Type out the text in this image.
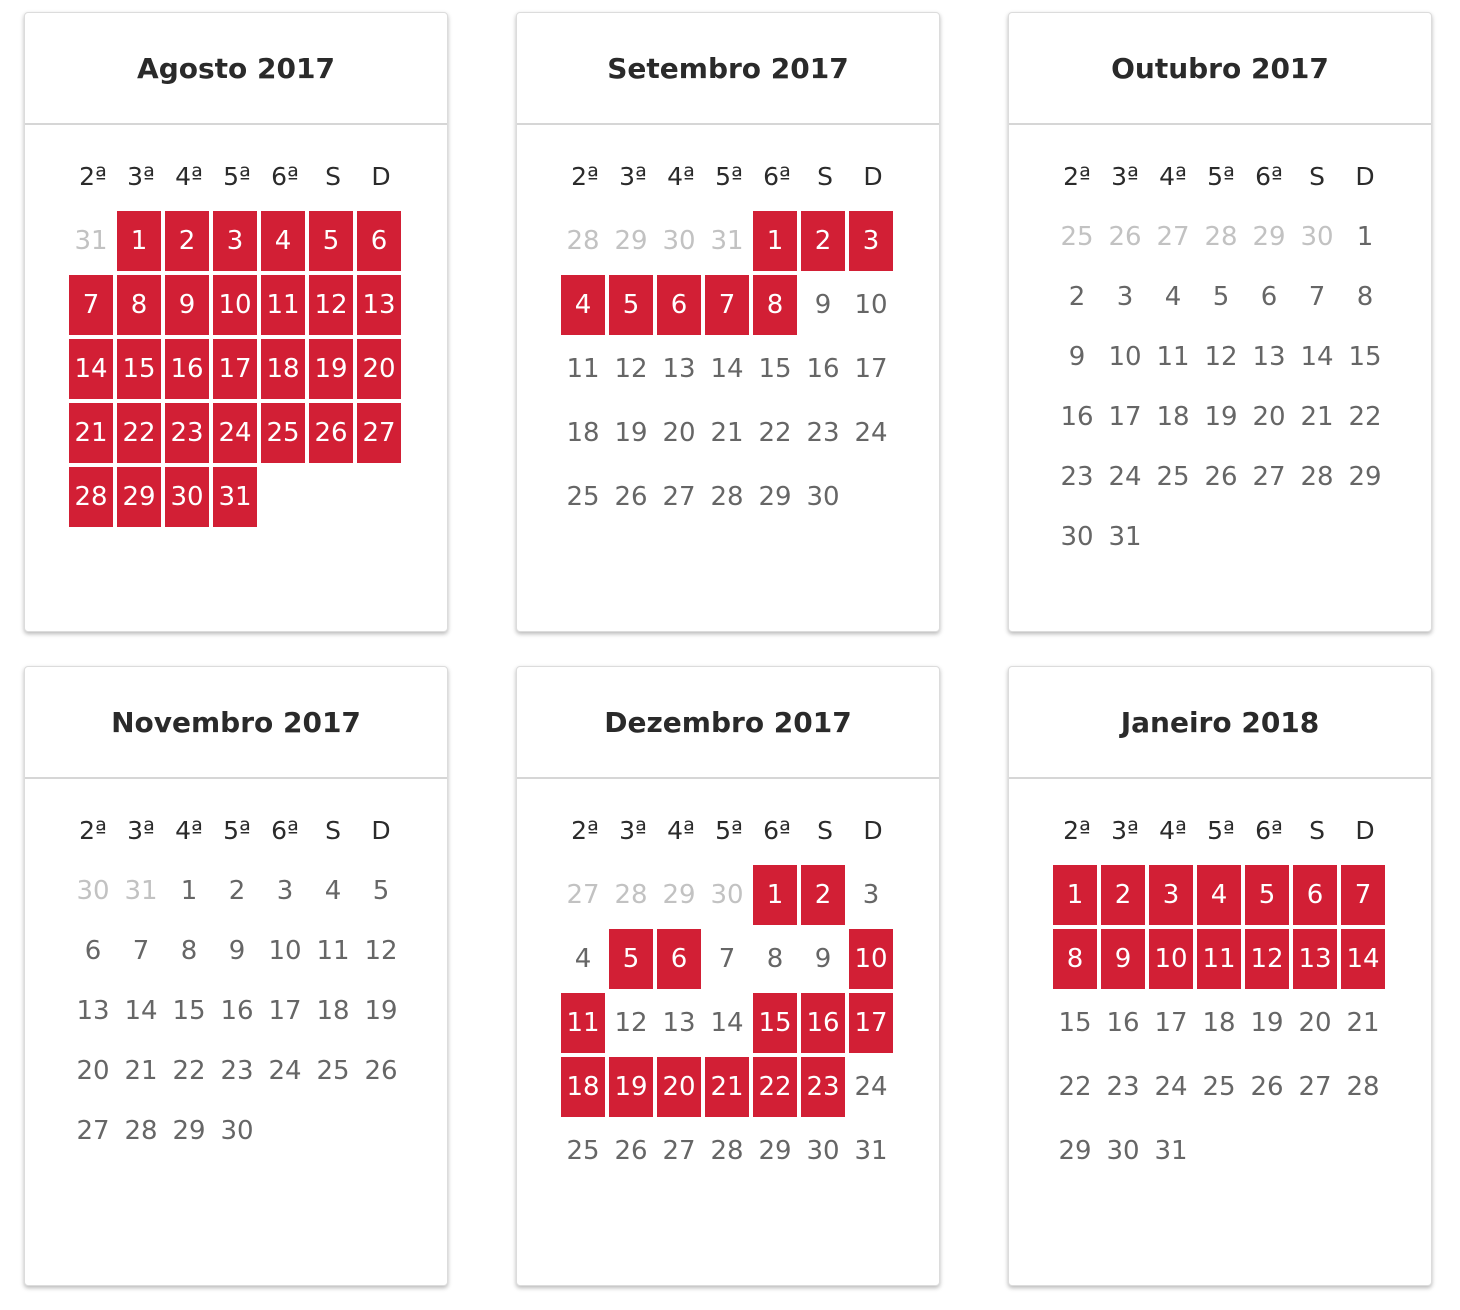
Agosto 2017
2ª 3ª 4ª 5ª 6ª	S	D
31 1	2	3	4	5	6
7	8	9 10 11 12 13
14 15 16 17 18 19 20
21 22 23 24 25 26 27
28 29 30 31
Setembro 2017
2ª 3ª 4ª 5ª 6ª	S	D
28 29 30 31 1	2	3
4	5	6	7	8	9 10
11 12 13 14 15 16 17
18 19 20 21 22 23 24
25 26 27 28 29 30
Outubro 2017
2ª 3ª 4ª 5ª 6ª	S	D
25 26 27 28 29 30 1
2	3	4	5	6	7	8
9 10 11 12 13 14 15
16 17 18 19 20 21 22
23 24 25 26 27 28 29
30 31
Novembro 2017
2ª 3ª 4ª 5ª 6ª	S	D
30 31 1	2	3	4	5
6	7	8	9 10 11 12
13 14 15 16 17 18 19
20 21 22 23 24 25 26
27 28 29 30
Dezembro 2017
2ª 3ª 4ª 5ª 6ª	S	D
27 28 29 30 1	2	3
4	5	6	7	8	9 10
11 12 13 14 15 16 17
18 19 20 21 22 23 24
25 26 27 28 29 30 31
Janeiro 2018
2ª 3ª 4ª 5ª 6ª	S	D
1	2	3	4	5	6	7
8	9 10 11 12 13 14
15 16 17 18 19 20 21
22 23 24 25 26 27 28
29 30 31
